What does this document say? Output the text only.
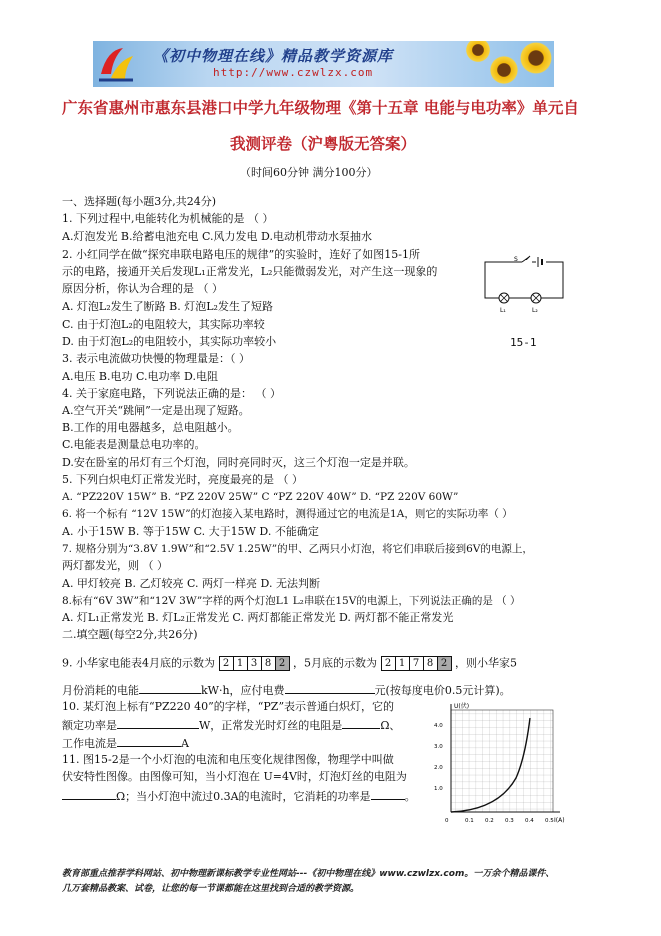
《初中物理在线》精品教学资源库
http://www.czwlzx.com
广东省惠州市惠东县港口中学九年级物理《第十五章 电能与电功率》单元自
我测评卷（沪粤版无答案）
（时间60分钟 满分100分）
一、选择题(每小题3分,共24分)
1. 下列过程中,电能转化为机械能的是 （ ）
A.灯泡发光 B.给蓄电池充电 C.风力发电 D.电动机带动水泵抽水
2. 小红同学在做“探究串联电路电压的规律”的实验时，连好了如图15-1所
示的电路，接通开关后发现L₁正常发光，L₂只能微弱发光，对产生这一现象的
原因分析，你认为合理的是 （ ）
A. 灯泡L₂发生了断路 B. 灯泡L₂发生了短路
C. 由于灯泡L₂的电阻较大，其实际功率较
D. 由于灯泡L₂的电阻较小，其实际功率较小
3. 表示电流做功快慢的物理量是：（ ）
A.电压 B.电功 C.电功率 D.电阻
4. 关于家庭电路，下列说法正确的是： （ ）
A.空气开关“跳闸”一定是出现了短路。
B.工作的用电器越多，总电阻越小。
C.电能表是测量总电功率的。
D.安在卧室的吊灯有三个灯泡，同时亮同时灭，这三个灯泡一定是并联。
5. 下列白炽电灯正常发光时，亮度最亮的是 （ ）
A. “PZ220V 15W” B. “PZ 220V 25W” C “PZ 220V 40W” D. “PZ 220V 60W”
6. 将一个标有 “12V 15W”的灯泡接入某电路时，测得通过它的电流是1A，则它的实际功率（ ）
A. 小于15W B. 等于15W C. 大于15W D. 不能确定
7. 规格分别为“3.8V 1.9W”和“2.5V 1.25W”的甲、乙两只小灯泡，将它们串联后接到6V的电源上，
两灯都发光，则 （ ）
A. 甲灯较亮 B. 乙灯较亮 C. 两灯一样亮 D. 无法判断
8.标有“6V 3W”和“12V 3W”字样的两个灯泡L1 L₂串联在15V的电源上，下列说法正确的是 （ ）
A. 灯L₁正常发光 B. 灯L₂正常发光 C. 两灯都能正常发光 D. 两灯都不能正常发光
二.填空题(每空2分,共26分)
9. 小华家电能表4月底的示数为 2 1 3 8 2 ，5月底的示数为 2 1 7 8 2 ，则小华家5
月份消耗的电能	kW·h，应付电费	元(按每度电价0.5元计算)。
10. 某灯泡上标有“PZ220 40”的字样，“PZ”表示普通白炽灯，它的
额定功率是	W，正常发光时灯丝的电阻是	Ω、
工作电流是	A
11. 图15-2是一个小灯泡的电流和电压变化规律图像，物理学中叫做
伏安特性图像。由图像可知，当小灯泡在 U=4V时，灯泡灯丝的电阻为
Ω；当小灯泡中流过0.3A的电流时，它消耗的功率是	。
S
L₁	L₂
15-1
U(伏)
I(A)
4.0
3.0
2.0
1.0
0	0.1 0.2 0.3 0.4 0.5
教育部重点推荐学科网站、初中物理新课标教学专业性网站---《初中物理在线》www.czwlzx.com。一万余个精品课件、
几万套精品教案、试卷，让您的每一节课都能在这里找到合适的教学资源。
